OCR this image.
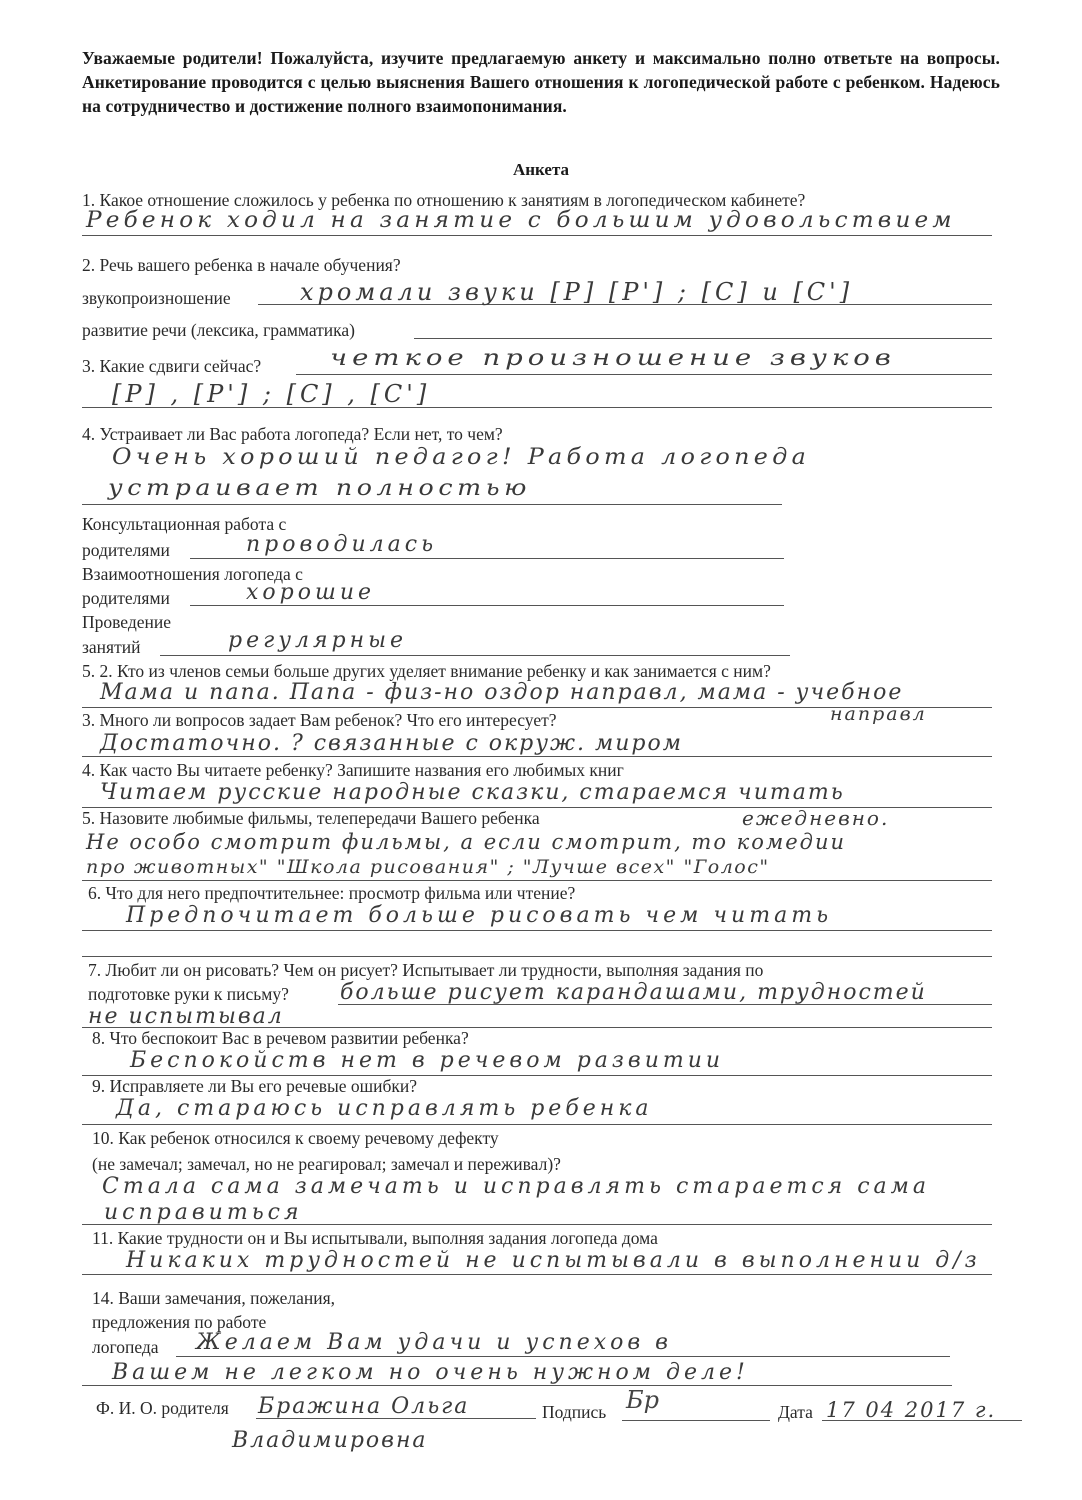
Уважаемые родители! Пожалуйста, изучите предлагаемую анкету и максимально полно ответьте на вопросы. Анкетирование проводится с целью выяснения Вашего отношения к логопедической работе с ребенком. Надеюсь на сотрудничество и достижение полного взаимопонимания.
Анкета
1. Какое отношение сложилось у ребенка по отношению к занятиям в логопедическом кабинете?
Ребенок ходил на занятие с большим удовольствием
2. Речь вашего ребенка в начале обучения?
звукопроизношение	хромали звуки [Р] [Р'] ; [С] и [С']
развитие речи (лексика, грамматика)
3. Какие сдвиги сейчас?	четкое произношение звуков
[Р] , [Р'] ; [С] , [С']
4. Устраивает ли Вас работа логопеда? Если нет, то чем?
Очень хороший педагог! Работа логопеда
устраивает полностью
Консультационная работа с
родителями	проводилась
Взаимоотношения логопеда с
родителями	хорошие
Проведение
занятий	регулярные
5. 2. Кто из членов семьи больше других уделяет внимание ребенку и как занимается с ним?
Мама и папа. Папа - физ-но оздор направл, мама - учебное
направл
3. Много ли вопросов задает Вам ребенок? Что его интересует?
Достаточно. ? связанные с окруж. миром
4. Как часто Вы читаете ребенку? Запишите названия его любимых книг
Читаем русские народные сказки, стараемся читать
ежедневно.
5. Назовите любимые фильмы, телепередачи Вашего ребенка
Не особо смотрит фильмы, а если смотрит, то комедии
про животных" "Школа рисования" ; "Лучше всех" "Голос"
6. Что для него предпочтительнее: просмотр фильма или чтение?
Предпочитает больше рисовать чем читать
7. Любит ли он рисовать? Чем он рисует? Испытывает ли трудности, выполняя задания по
подготовке руки к письму? больше рисует карандашами, трудностей
не испытывал
8. Что беспокоит Вас в речевом развитии ребенка?
Беспокойств нет в речевом развитии
9. Исправляете ли Вы его речевые ошибки?
Да, стараюсь исправлять ребенка
10. Как ребенок относился к своему речевому дефекту
(не замечал; замечал, но не реагировал; замечал и переживал)?
Стала сама замечать и исправлять старается сама
исправиться
11. Какие трудности он и Вы испытывали, выполняя задания логопеда дома
Никаких трудностей не испытывали в выполнении д/з
14. Ваши замечания, пожелания,
предложения по работе
логопеда Желаем Вам удачи и успехов в
Вашем не легком но очень нужном деле!
Ф. И. О. родителя Бражина Ольга
Владимировна
Подпись Бр	Дата 17 04 2017 г.
